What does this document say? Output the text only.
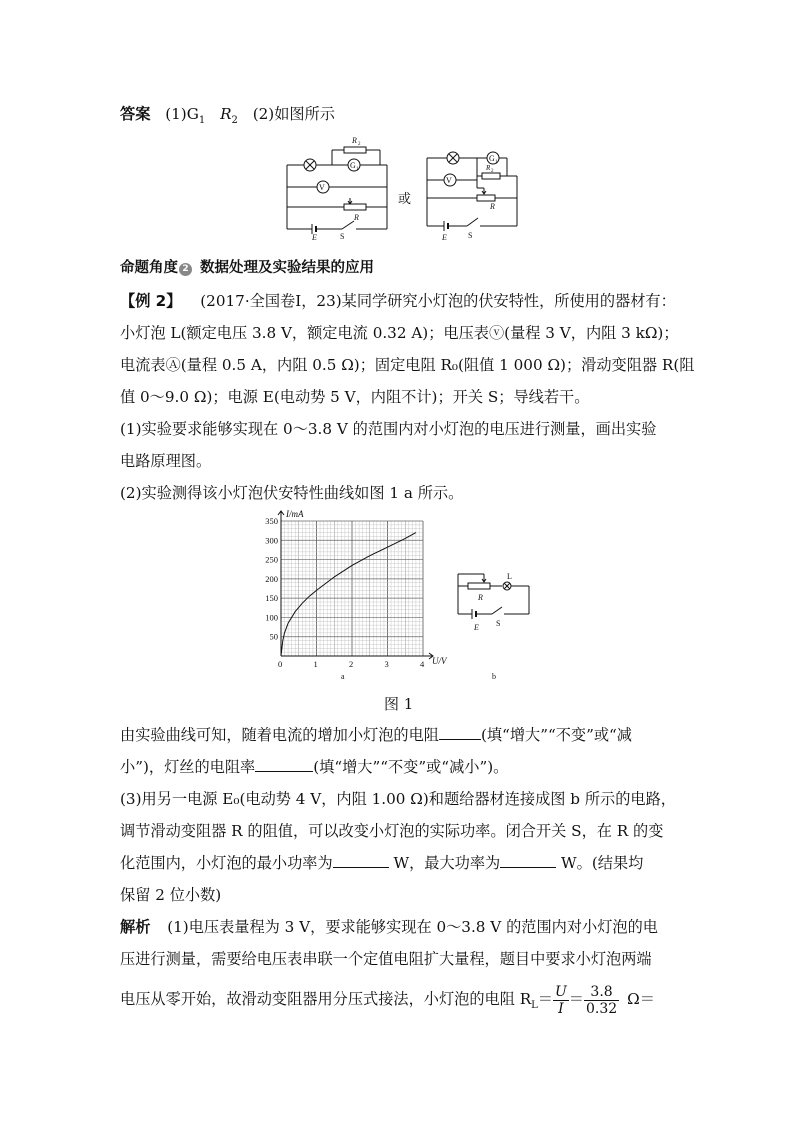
答案 $(1)G_1$ $R_2$ (2)如图所示
R 2
G 1
V
R
E	S
或
G 1
V
R 2
R
E	S
命题角度 2 数据处理及实验结果的应用
【例 2】 (2017·全国卷Ⅰ，23)某同学研究小灯泡的伏安特性，所使用的器材有：
小灯泡 L(额定电压 3.8 V，额定电流 0.32 A)；电压表ⓥ(量程 3 V，内阻 3 kΩ)；
电流表Ⓐ(量程 0.5 A，内阻 0.5 Ω)；固定电阻 R₀(阻值 1 000 Ω)；滑动变阻器 R(阻
值 0～9.0 Ω)；电源 E(电动势 5 V，内阻不计)；开关 S；导线若干。
(1)实验要求能够实现在 0～3.8 V 的范围内对小灯泡的电压进行测量，画出实验
电路原理图。
(2)实验测得该小灯泡伏安特性曲线如图 1 a 所示。
0	1	2	3	4
50
100
150
200
250
300
350
I/mA
U/V
a
L
R
E S
b
图 1
由实验曲线可知，随着电流的增加小灯泡的电阻	(填“增大”“不变”或“减
小”)，灯丝的电阻率	(填“增大”“不变”或“减小”)。
(3)用另一电源 E₀(电动势 4 V，内阻 1.00 Ω)和题给器材连接成图 b 所示的电路，
调节滑动变阻器 R 的阻值，可以改变小灯泡的实际功率。闭合开关 S，在 R 的变
化范围内，小灯泡的最小功率为	W，最大功率为	W。(结果均
保留 2 位小数)
解析 (1)电压表量程为 3 V，要求能够实现在 0～3.8 V 的范围内对小灯泡的电
压进行测量，需要给电压表串联一个定值电阻扩大量程，题目中要求小灯泡两端
电压从零开始，故滑动变阻器用分压式接法，小灯泡的电阻 $R_L= \frac{U}{I} = \frac{3.8}{0.32} \Omega=$
